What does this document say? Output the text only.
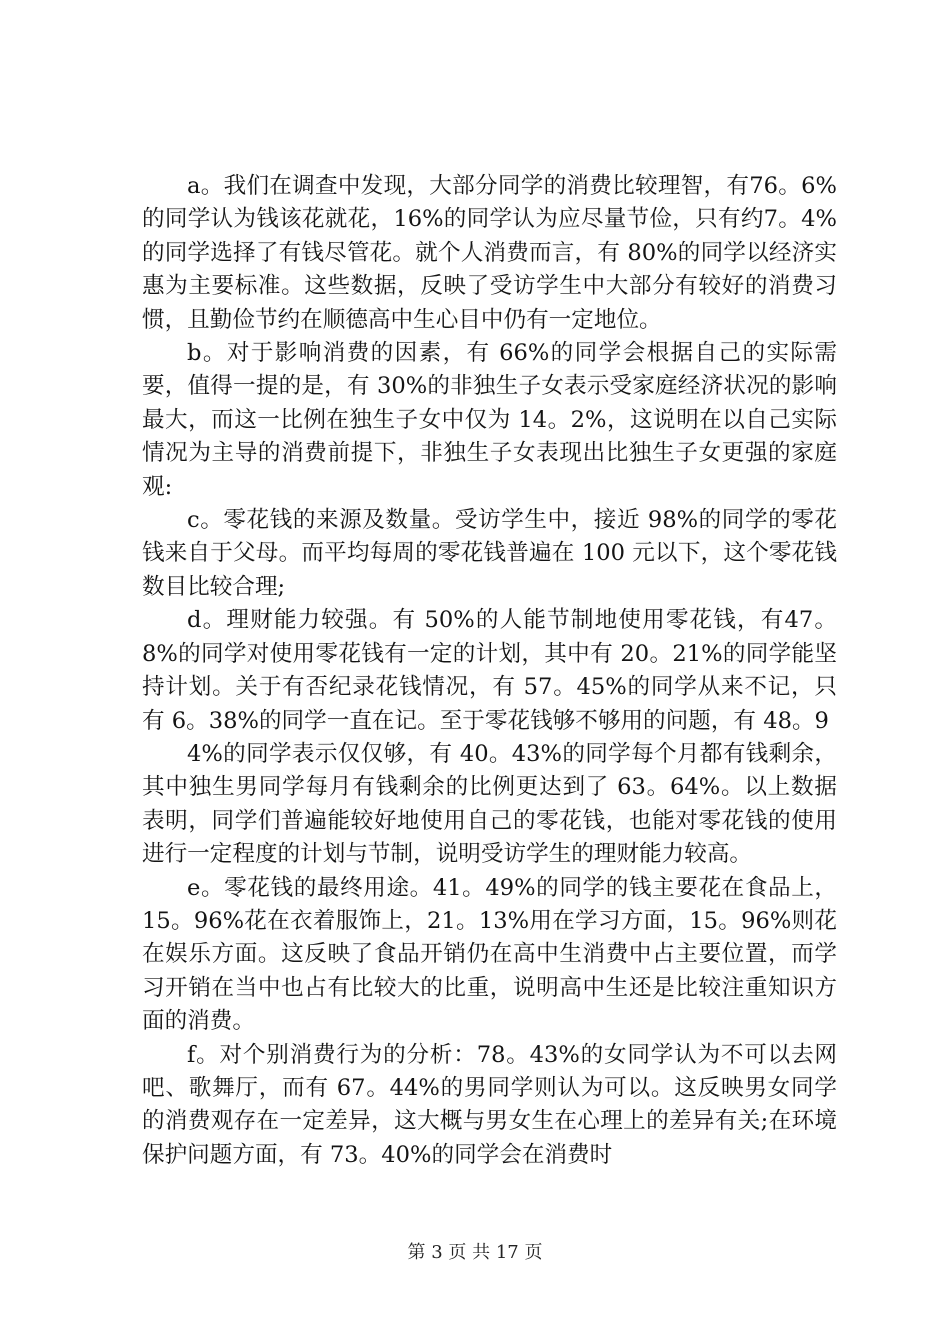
a。我们在调查中发现，大部分同学的消费比较理智，有76。6%的同学认为钱该花就花，16%的同学认为应尽量节俭，只有约7。4%的同学选择了有钱尽管花。就个人消费而言，有 80%的同学以经济实惠为主要标准。这些数据，反映了受访学生中大部分有较好的消费习惯，且勤俭节约在顺德高中生心目中仍有一定地位。

b。对于影响消费的因素，有 66%的同学会根据自己的实际需要，值得一提的是，有 30%的非独生子女表示受家庭经济状况的影响最大，而这一比例在独生子女中仅为 14。2%，这说明在以自己实际情况为主导的消费前提下，非独生子女表现出比独生子女更强的家庭观:

c。零花钱的来源及数量。受访学生中，接近 98%的同学的零花钱来自于父母。而平均每周的零花钱普遍在 100 元以下，这个零花钱数目比较合理;

d。理财能力较强。有 50%的人能节制地使用零花钱，有47。8%的同学对使用零花钱有一定的计划，其中有 20。21%的同学能坚持计划。关于有否纪录花钱情况，有 57。45%的同学从来不记，只有 6。38%的同学一直在记。至于零花钱够不够用的问题，有 48。9

4%的同学表示仅仅够，有 40。43%的同学每个月都有钱剩余，其中独生男同学每月有钱剩余的比例更达到了 63。64%。以上数据表明，同学们普遍能较好地使用自己的零花钱，也能对零花钱的使用进行一定程度的计划与节制，说明受访学生的理财能力较高。

e。零花钱的最终用途。41。49%的同学的钱主要花在食品上，15。96%花在衣着服饰上，21。13%用在学习方面，15。96%则花在娱乐方面。这反映了食品开销仍在高中生消费中占主要位置，而学习开销在当中也占有比较大的比重，说明高中生还是比较注重知识方面的消费。

f。对个别消费行为的分析：78。43%的女同学认为不可以去网吧、歌舞厅，而有 67。44%的男同学则认为可以。这反映男女同学的消费观存在一定差异，这大概与男女生在心理上的差异有关;在环境保护问题方面，有 73。40%的同学会在消费时

第 3 页 共 17 页
